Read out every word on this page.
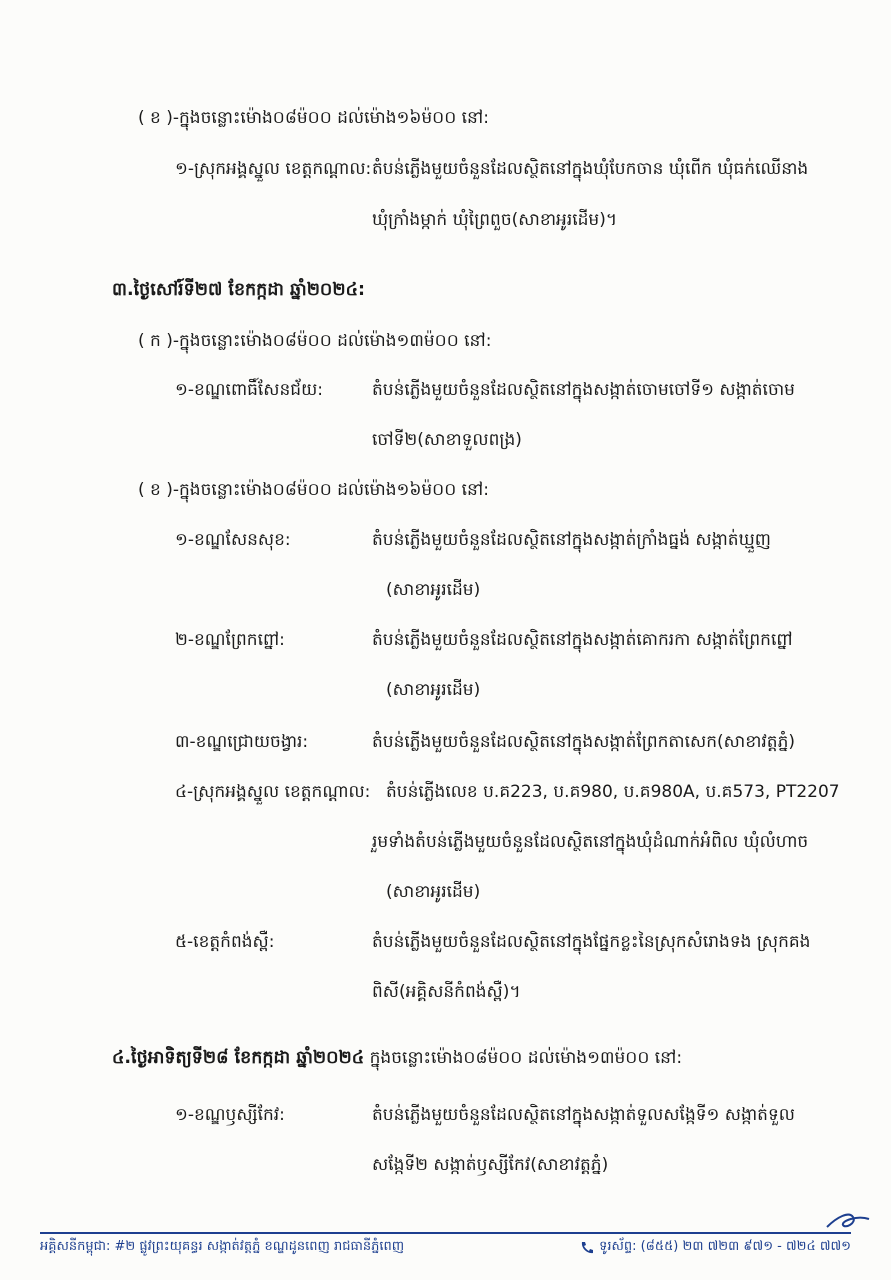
( ខ )-ក្នុងចន្លោះម៉ោង០៨ម៉០០ ដល់ម៉ោង១៦ម៉០០ នៅ:
១-ស្រុកអង្គស្នួល ខេត្តកណ្តាល: តំបន់ភ្លើងមួយចំនួនដែលស្ថិតនៅក្នុងឃុំបែកចាន ឃុំពើក ឃុំធក់ឈើនាង
ឃុំក្រាំងម្កាក់ ឃុំព្រៃពួច(សាខាអូរដើម)។
៣.ថ្ងៃសៅរ៍ទី២៧ ខែកក្កដា ឆ្នាំ២០២៤:
( ក )-ក្នុងចន្លោះម៉ោង០៨ម៉០០ ដល់ម៉ោង១៣ម៉០០ នៅ:
១-ខណ្ឌពោធិ៍សែនជ័យ:	តំបន់ភ្លើងមួយចំនួនដែលស្ថិតនៅក្នុងសង្កាត់ចោមចៅទី១ សង្កាត់ចោម
ចៅទី២(សាខាទួលពង្រ)
( ខ )-ក្នុងចន្លោះម៉ោង០៨ម៉០០ ដល់ម៉ោង១៦ម៉០០ នៅ:
១-ខណ្ឌសែនសុខ:	តំបន់ភ្លើងមួយចំនួនដែលស្ថិតនៅក្នុងសង្កាត់ក្រាំងធ្នង់ សង្កាត់ឃ្មួញ
(សាខាអូរដើម)
២-ខណ្ឌព្រែកព្នៅ:	តំបន់ភ្លើងមួយចំនួនដែលស្ថិតនៅក្នុងសង្កាត់គោករកា សង្កាត់ព្រែកព្នៅ
(សាខាអូរដើម)
៣-ខណ្ឌជ្រោយចង្វារ:	តំបន់ភ្លើងមួយចំនួនដែលស្ថិតនៅក្នុងសង្កាត់ព្រែកតាសេក(សាខាវត្តភ្នំ)
៤-ស្រុកអង្គស្នួល ខេត្តកណ្តាល: តំបន់ភ្លើងលេខ ប.គ223, ប.គ980, ប.គ980A, ប.គ573, PT2207
រួមទាំងតំបន់ភ្លើងមួយចំនួនដែលស្ថិតនៅក្នុងឃុំដំណាក់អំពិល ឃុំលំហាច
(សាខាអូរដើម)
៥-ខេត្តកំពង់ស្ពឺ:	តំបន់ភ្លើងមួយចំនួនដែលស្ថិតនៅក្នុងផ្នែកខ្លះនៃស្រុកសំរោងទង ស្រុកគង
ពិសី(អគ្គិសនីកំពង់ស្ពឺ)។
៤.ថ្ងៃអាទិត្យទី២៨ ខែកក្កដា ឆ្នាំ២០២៤ ក្នុងចន្លោះម៉ោង០៨ម៉០០ ដល់ម៉ោង១៣ម៉០០ នៅ:
១-ខណ្ឌឫស្សីកែវ:	តំបន់ភ្លើងមួយចំនួនដែលស្ថិតនៅក្នុងសង្កាត់ទួលសង្កែទី១ សង្កាត់ទួល
សង្កែទី២ សង្កាត់ឫស្សីកែវ(សាខាវត្តភ្នំ)
អគ្គិសនីកម្ពុជា: #២ ផ្លូវព្រះយុគន្ធរ សង្កាត់វត្តភ្នំ ខណ្ឌដូនពេញ រាជធានីភ្នំពេញ	ទូរស័ព្ទ: (៨៥៥) ២៣ ៧២៣ ៩៧១ - ៧២៤ ៧៧១
